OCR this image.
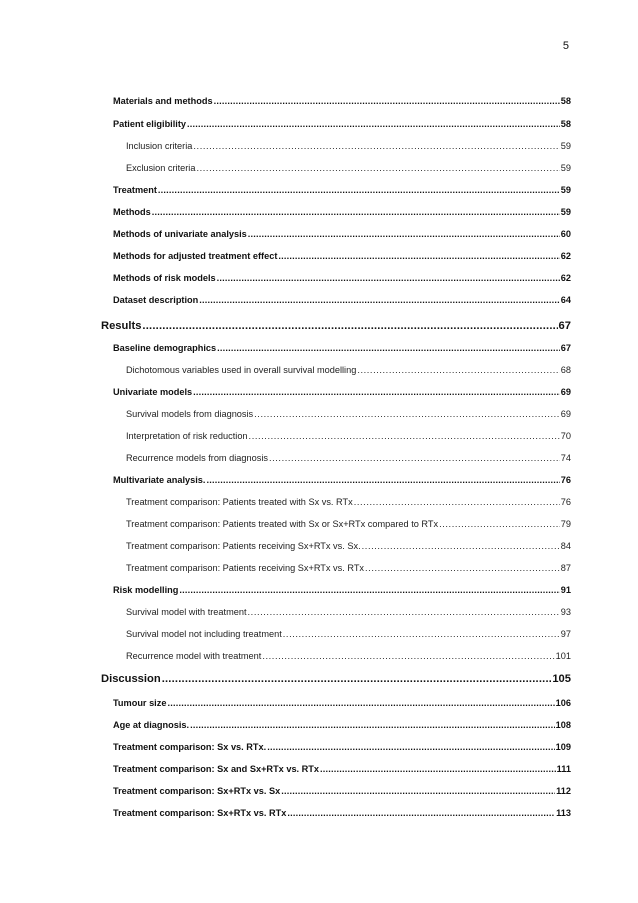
5
Materials and methods .....	58
Patient eligibility .....	58
Inclusion criteria .....	59
Exclusion criteria .....	59
Treatment .....	59
Methods .....	59
Methods of univariate analysis .....	60
Methods for adjusted treatment effect .....	62
Methods of risk models .....	62
Dataset description .....	64
Results .....	67
Baseline demographics .....	67
Dichotomous variables used in overall survival modelling .....	68
Univariate models .....	69
Survival models from diagnosis .....	69
Interpretation of risk reduction .....	70
Recurrence models from diagnosis .....	74
Multivariate analysis. .....	76
Treatment comparison: Patients treated with Sx vs. RTx .....	76
Treatment comparison: Patients treated with Sx or Sx+RTx compared to RTx .....	79
Treatment comparison: Patients receiving Sx+RTx vs. Sx. .....	84
Treatment comparison: Patients receiving Sx+RTx vs. RTx .....	87
Risk modelling .....	91
Survival model with treatment .....	93
Survival model not including treatment .....	97
Recurrence model with treatment .....	101
Discussion .....	105
Tumour size .....	106
Age at diagnosis. .....	108
Treatment comparison: Sx vs. RTx. .....	109
Treatment comparison: Sx and Sx+RTx vs. RTx .....	111
Treatment comparison: Sx+RTx vs. Sx .....	112
Treatment comparison: Sx+RTx vs. RTx .....	113
